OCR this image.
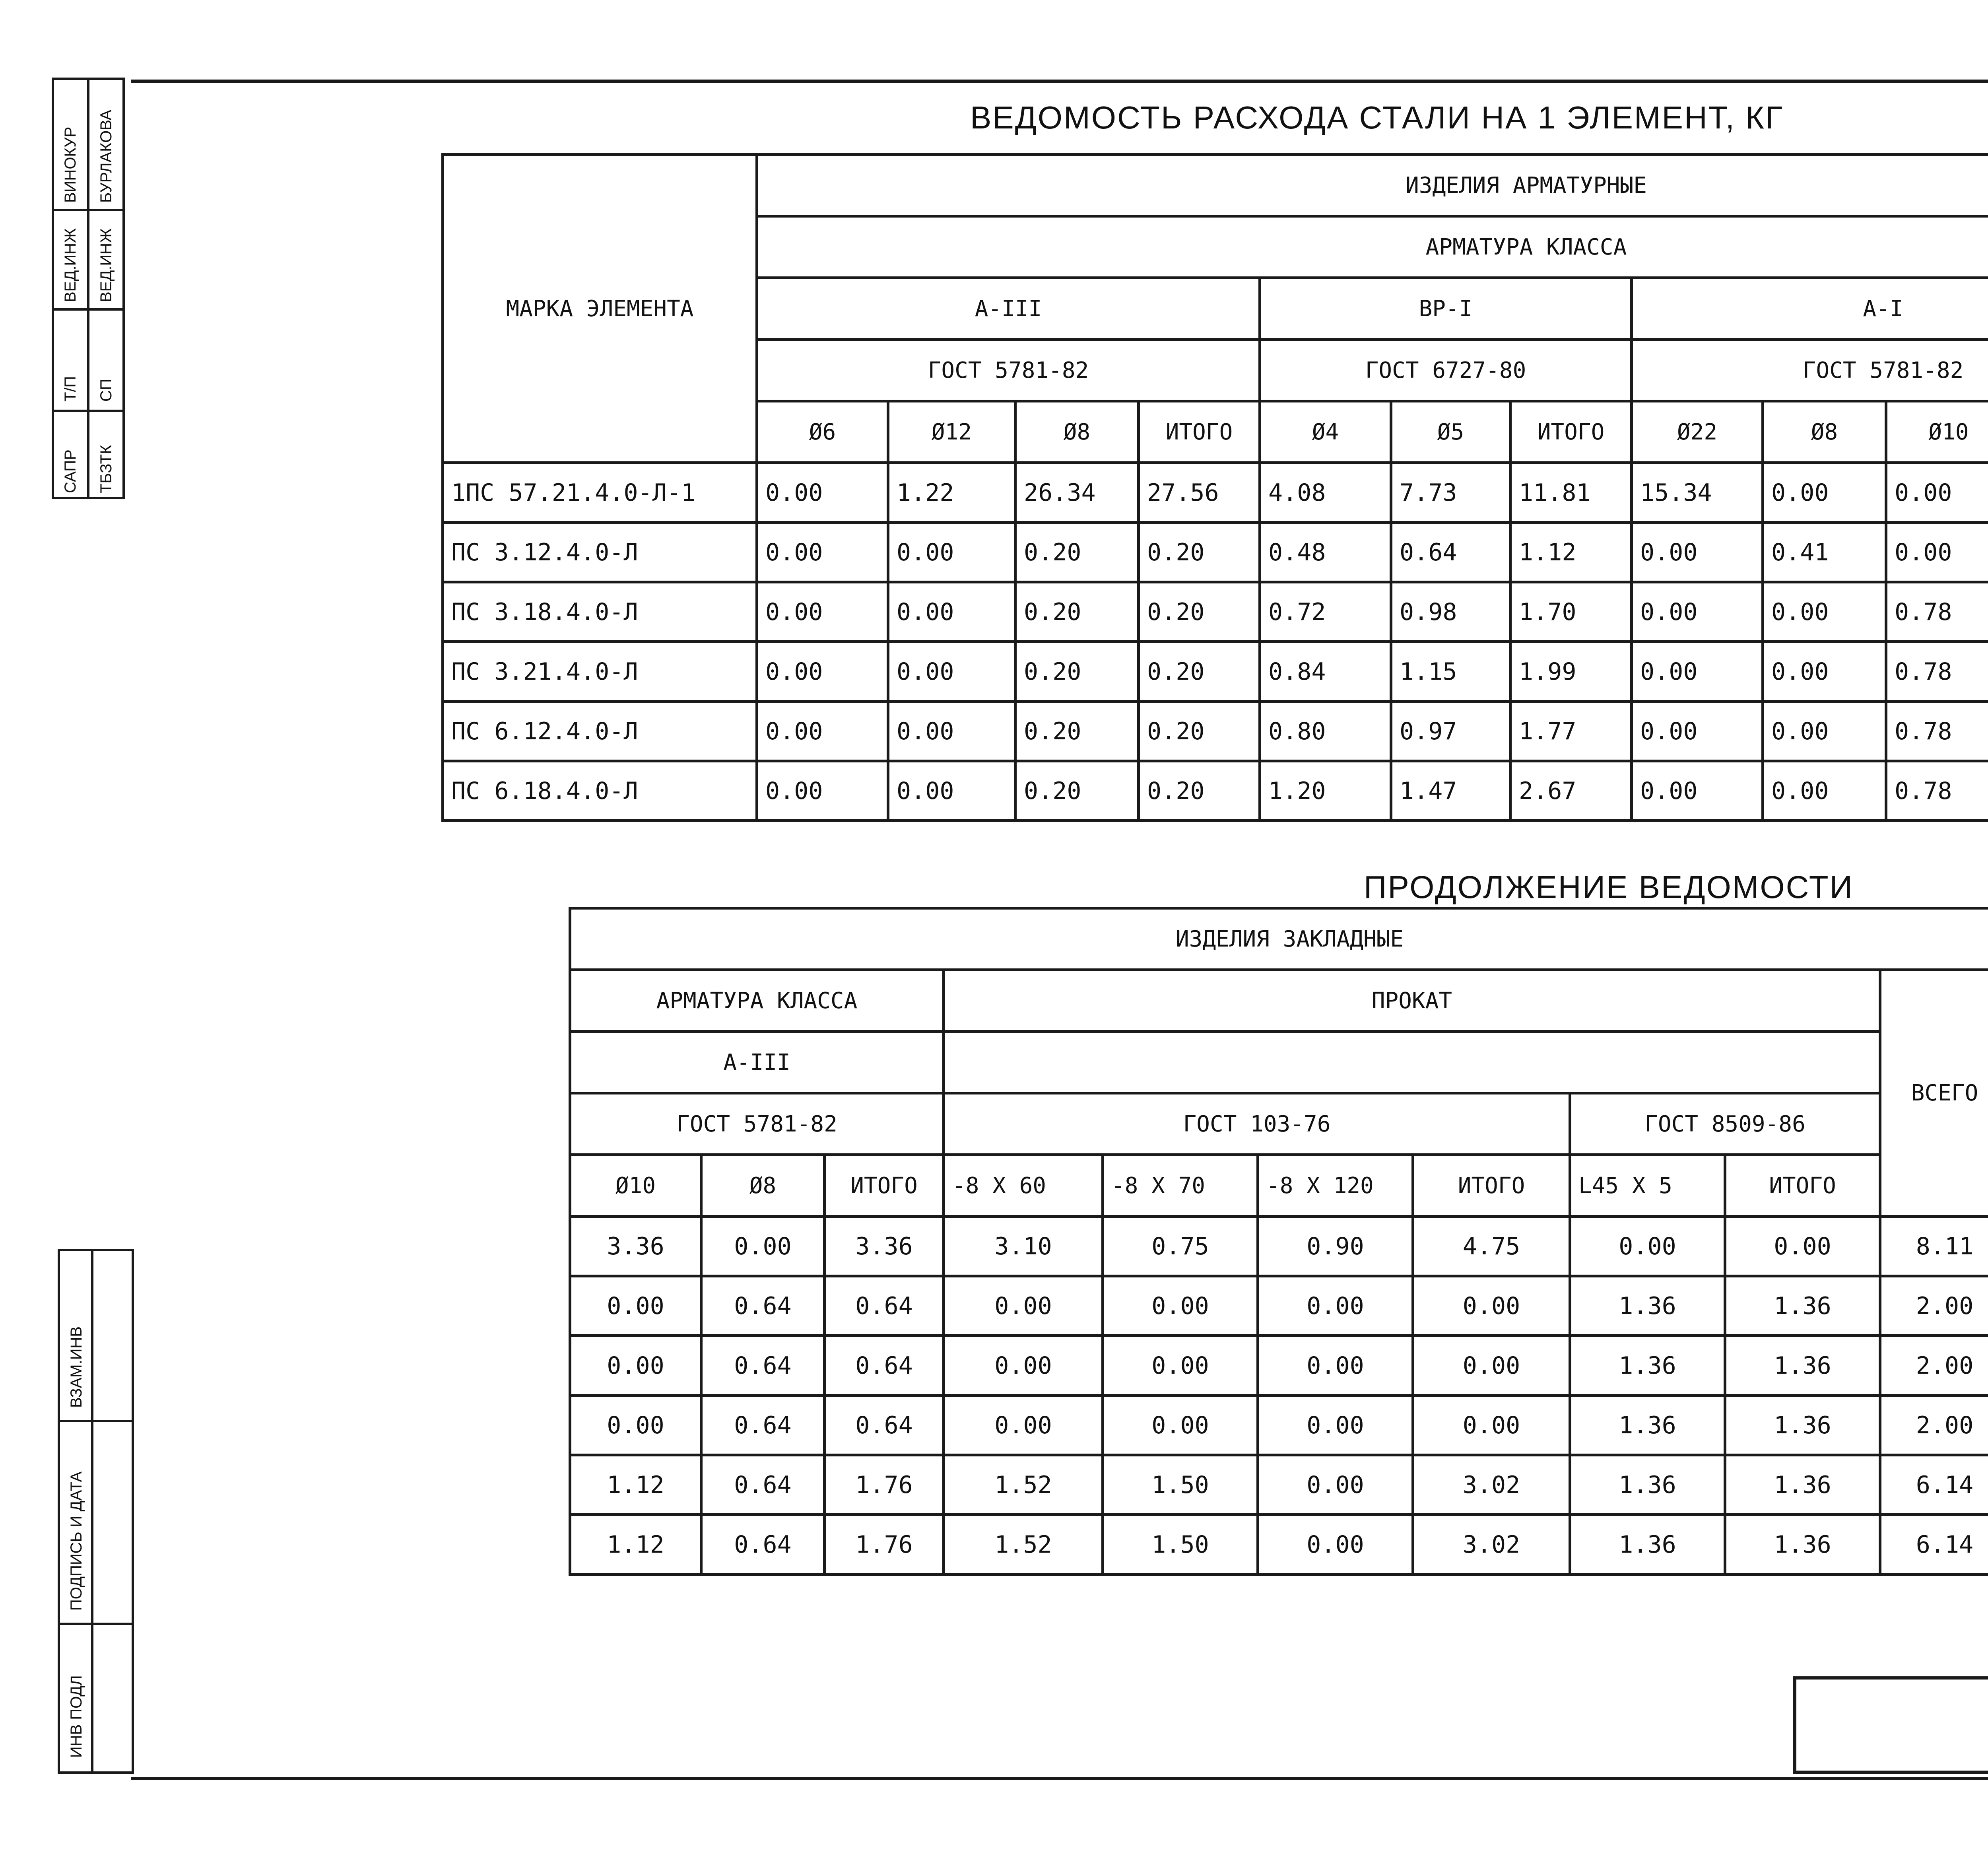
ВИНОКУР БУРЛАКОВА
ВЕД.ИНЖ ВЕД.ИНЖ
Т/П СП
САПР ТБЗТК
ВЗАМ.ИНВ
ПОДПИСЬ И ДАТА
ИНВ ПОДЛ
ВЕДОМОСТЬ РАСХОДА СТАЛИ НА 1 ЭЛЕМЕНТ, КГ
МАРКА ЭЛЕМЕНТА	ИЗДЕЛИЯ АРМАТУРНЫЕ											
	АРМАТУРА КЛАССА											
	А-III				ВР-I			А-I	
	ГОСТ 5781-82				ГОСТ 6727-80			ГОСТ 5781-82				
	Ø6	Ø12	Ø8	ИТОГО	Ø4	Ø5	ИТОГО	Ø22	Ø8	Ø10	
1ПС 57.21.4.0-Л-1	0.00	1.22	26.34	27.56	4.08	7.73	11.81	15.34	0.00	0.00		
ПС 3.12.4.0-Л	0.00	0.00	0.20	0.20	0.48	0.64	1.12	0.00	0.41	0.00		
ПС 3.18.4.0-Л	0.00	0.00	0.20	0.20	0.72	0.98	1.70	0.00	0.00	0.78		
ПС 3.21.4.0-Л	0.00	0.00	0.20	0.20	0.84	1.15	1.99	0.00	0.00	0.78		
ПС 6.12.4.0-Л	0.00	0.00	0.20	0.20	0.80	0.97	1.77	0.00	0.00	0.78		
ПС 6.18.4.0-Л	0.00	0.00	0.20	0.20	1.20	1.47	2.67	0.00	0.00	0.78		
ПРОДОЛЖЕНИЕ ВЕДОМОСТИ
ИЗДЕЛИЯ ЗАКЛАДНЫЕ	
АРМАТУРА КЛАССА			ПРОКАТ						ВСЕГО	
А-III										
ГОСТ 5781-82			ГОСТ 103-76				ГОСТ 8509-86			
Ø10	Ø8	ИТОГО	-8 X 60	-8 X 70	-8 X 120	ИТОГО	L45 X 5	ИТОГО		
3.36	0.00	3.36	3.10	0.75	0.90	4.75	0.00	0.00	8.11	
0.00	0.64	0.64	0.00	0.00	0.00	0.00	1.36	1.36	2.00	
0.00	0.64	0.64	0.00	0.00	0.00	0.00	1.36	1.36	2.00	
0.00	0.64	0.64	0.00	0.00	0.00	0.00	1.36	1.36	2.00	
1.12	0.64	1.76	1.52	1.50	0.00	3.02	1.36	1.36	6.14	
1.12	0.64	1.76	1.52	1.50	0.00	3.02	1.36	1.36	6.14	
